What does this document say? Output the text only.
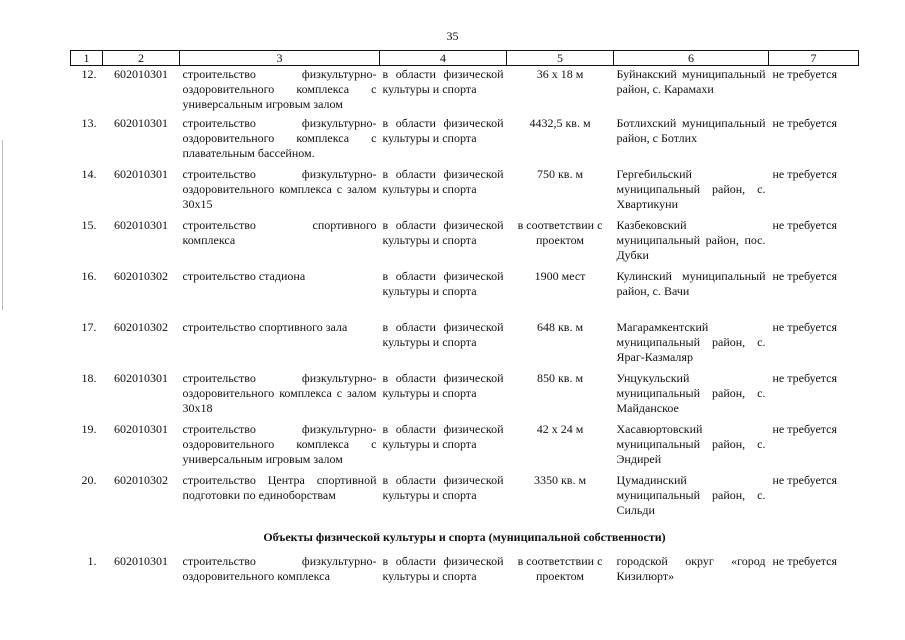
35
1	2	3	4	5	6	7
12.	602010301	строительство физкультурно-оздоровительного комплекса с универсальным игровым залом	в области физической культуры и спорта	36 х 18 м	Буйнакский муниципальный район, с. Карамахи	не требуется
13.	602010301	строительство физкультурно-оздоровительного комплекса с плавательным бассейном.	в области физической культуры и спорта	4432,5 кв. м	Ботлихский муниципальный район, с Ботлих	не требуется
14.	602010301	строительство физкультурно-оздоровительного комплекса с залом 30х15	в области физической культуры и спорта	750 кв. м	Гергебильский муниципальный район, с. Хвартикуни	не требуется
15.	602010301	строительство спортивного комплекса	в области физической культуры и спорта	в соответствии с проектом	Казбековский муниципальный район, пос. Дубки	не требуется
16.	602010302	строительство стадиона	в области физической культуры и спорта	1900 мест	Кулинский муниципальный район, с. Вачи	не требуется
17.	602010302	строительство спортивного зала	в области физической культуры и спорта	648 кв. м	Магарамкентский муниципальный район, с. Яраг-Казмаляр	не требуется
18.	602010301	строительство физкультурно-оздоровительного комплекса с залом 30х18	в области физической культуры и спорта	850 кв. м	Унцукульский муниципальный район, с. Майданское	не требуется
19.	602010301	строительство физкультурно-оздоровительного комплекса с универсальным игровым залом	в области физической культуры и спорта	42 х 24 м	Хасавюртовский муниципальный район, с. Эндирей	не требуется
20.	602010302	строительство Центра спортивной подготовки по единоборствам	в области физической культуры и спорта	3350 кв. м	Цумадинский муниципальный район, с. Сильди	не требуется
Объекты физической культуры и спорта (муниципальной собственности)						
1.	602010301	строительство физкультурно-оздоровительного комплекса	в области физической культуры и спорта	в соответствии с проектом	городской округ «город Кизилюрт»	не требуется
